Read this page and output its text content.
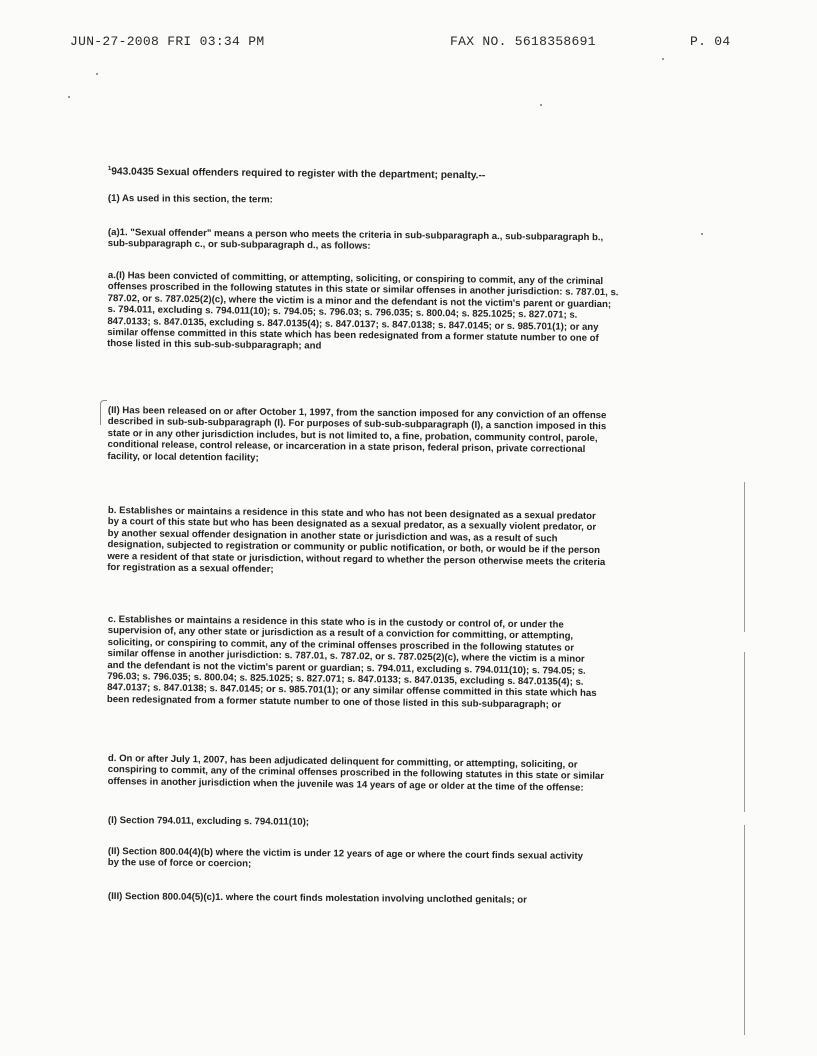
JUN-27-2008 FRI 03:34 PM	FAX NO. 5618358691	P. 04
$^1$943.0435 Sexual offenders required to register with the department; penalty.--
(1) As used in this section, the term:
(a)1. "Sexual offender" means a person who meets the criteria in sub-subparagraph a., sub-subparagraph b., sub-subparagraph c., or sub-subparagraph d., as follows:
a.(I) Has been convicted of committing, or attempting, soliciting, or conspiring to commit, any of the criminal offenses proscribed in the following statutes in this state or similar offenses in another jurisdiction: s. 787.01, s. 787.02, or s. 787.025(2)(c), where the victim is a minor and the defendant is not the victim's parent or guardian; s. 794.011, excluding s. 794.011(10); s. 794.05; s. 796.03; s. 796.035; s. 800.04; s. 825.1025; s. 827.071; s. 847.0133; s. 847.0135, excluding s. 847.0135(4); s. 847.0137; s. 847.0138; s. 847.0145; or s. 985.701(1); or any similar offense committed in this state which has been redesignated from a former statute number to one of those listed in this sub-sub-subparagraph; and
(II) Has been released on or after October 1, 1997, from the sanction imposed for any conviction of an offense described in sub-sub-subparagraph (I). For purposes of sub-sub-subparagraph (I), a sanction imposed in this state or in any other jurisdiction includes, but is not limited to, a fine, probation, community control, parole, conditional release, control release, or incarceration in a state prison, federal prison, private correctional facility, or local detention facility;
b. Establishes or maintains a residence in this state and who has not been designated as a sexual predator by a court of this state but who has been designated as a sexual predator, as a sexually violent predator, or by another sexual offender designation in another state or jurisdiction and was, as a result of such designation, subjected to registration or community or public notification, or both, or would be if the person were a resident of that state or jurisdiction, without regard to whether the person otherwise meets the criteria for registration as a sexual offender;
c. Establishes or maintains a residence in this state who is in the custody or control of, or under the supervision of, any other state or jurisdiction as a result of a conviction for committing, or attempting, soliciting, or conspiring to commit, any of the criminal offenses proscribed in the following statutes or similar offense in another jurisdiction: s. 787.01, s. 787.02, or s. 787.025(2)(c), where the victim is a minor and the defendant is not the victim's parent or guardian; s. 794.011, excluding s. 794.011(10); s. 794.05; s. 796.03; s. 796.035; s. 800.04; s. 825.1025; s. 827.071; s. 847.0133; s. 847.0135, excluding s. 847.0135(4); s. 847.0137; s. 847.0138; s. 847.0145; or s. 985.701(1); or any similar offense committed in this state which has been redesignated from a former statute number to one of those listed in this sub-subparagraph; or
d. On or after July 1, 2007, has been adjudicated delinquent for committing, or attempting, soliciting, or conspiring to commit, any of the criminal offenses proscribed in the following statutes in this state or similar offenses in another jurisdiction when the juvenile was 14 years of age or older at the time of the offense:
(I) Section 794.011, excluding s. 794.011(10);
(II) Section 800.04(4)(b) where the victim is under 12 years of age or where the court finds sexual activity by the use of force or coercion;
(III) Section 800.04(5)(c)1. where the court finds molestation involving unclothed genitals; or
